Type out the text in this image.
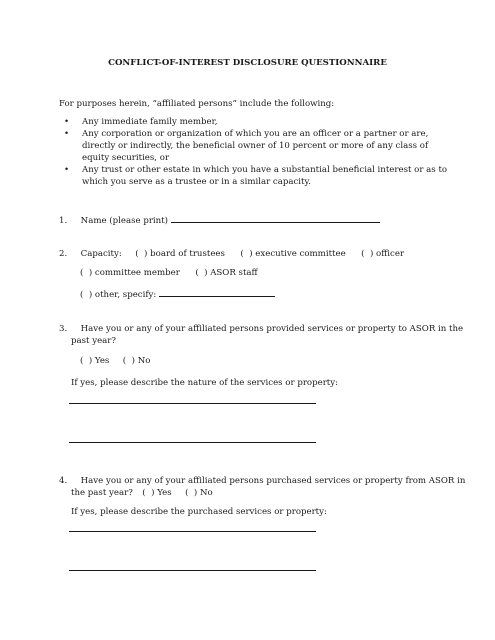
CONFLICT-OF-INTEREST DISCLOSURE QUESTIONNAIRE
For purposes herein, “affiliated persons” include the following:
• Any immediate family member,
• Any corporation or organization of which you are an officer or a partner or are, directly or indirectly, the beneficial owner of 10 percent or more of any class of equity securities, or
• Any trust or other estate in which you have a substantial beneficial interest or as to which you serve as a trustee or in a similar capacity.
1. Name (please print)
2. Capacity: (  ) board of trustees (  ) executive committee (  ) officer
(  ) committee member (  ) ASOR staff
(  ) other, specify:
3. Have you or any of your affiliated persons provided services or property to ASOR in the
past year?
(  ) Yes (  ) No
If yes, please describe the nature of the services or property:
4. Have you or any of your affiliated persons purchased services or property from ASOR in
the past year? (  ) Yes (  ) No
If yes, please describe the purchased services or property:
